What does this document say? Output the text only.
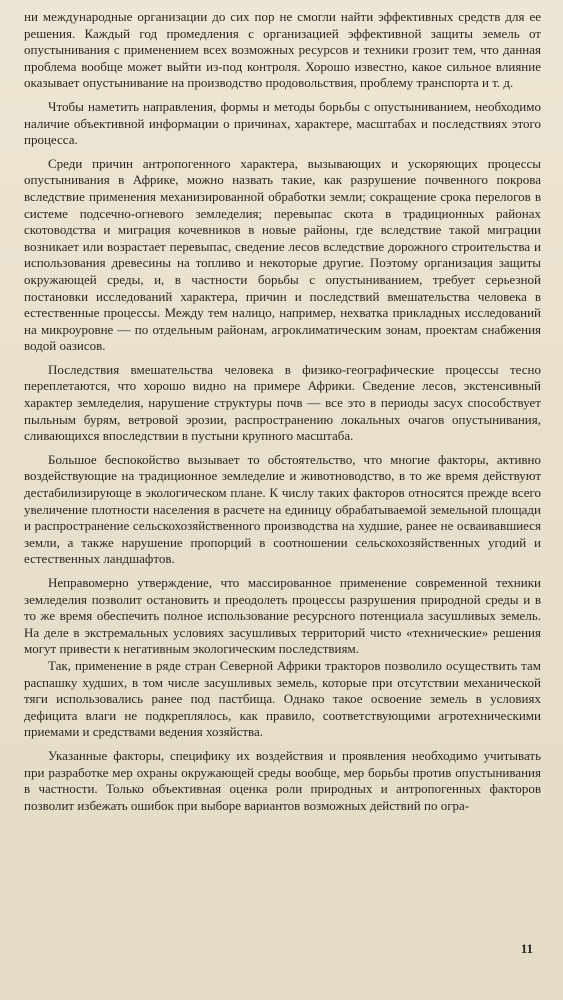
ни международные организации до сих пор не смогли найти эффективных средств для ее решения. Каждый год промедления с организацией эффективной защиты земель от опустынивания с применением всех возможных ресурсов и техники грозит тем, что данная проблема вообще может выйти из-под контроля. Хорошо известно, какое сильное влияние оказывает опустынивание на производство продовольствия, проблему транспорта и т. д.

Чтобы наметить направления, формы и методы борьбы с опустыниванием, необходимо наличие объективной информации о причинах, характере, масштабах и последствиях этого процесса.

Среди причин антропогенного характера, вызывающих и ускоряющих процессы опустынивания в Африке, можно назвать такие, как разрушение почвенного покрова вследствие применения механизированной обработки земли; сокращение срока перелогов в системе подсечно-огневого земледелия; перевыпас скота в традиционных районах скотоводства и миграция кочевников в новые районы, где вследствие такой миграции возникает или возрастает перевыпас, сведение лесов вследствие дорожного строительства и использования древесины на топливо и некоторые другие. Поэтому организация защиты окружающей среды, и, в частности борьбы с опустыниванием, требует серьезной постановки исследований характера, причин и последствий вмешательства человека в естественные процессы. Между тем налицо, например, нехватка прикладных исследований на микроуровне — по отдельным районам, агроклиматическим зонам, проектам снабжения водой оазисов.

Последствия вмешательства человека в физико-географические процессы тесно переплетаются, что хорошо видно на примере Африки. Сведение лесов, экстенсивный характер земледелия, нарушение структуры почв — все это в периоды засух способствует пыльным бурям, ветровой эрозии, распространению локальных очагов опустынивания, сливающихся впоследствии в пустыни крупного масштаба.

Большое беспокойство вызывает то обстоятельство, что многие факторы, активно воздействующие на традиционное земледелие и животноводство, в то же время действуют дестабилизирующе в экологическом плане. К числу таких факторов относятся прежде всего увеличение плотности населения в расчете на единицу обрабатываемой земельной площади и распространение сельскохозяйственного производства на худшие, ранее не осваивавшиеся земли, а также нарушение пропорций в соотношении сельскохозяйственных угодий и естественных ландшафтов.

Неправомерно утверждение, что массированное применение современной техники земледелия позволит остановить и преодолеть процессы разрушения природной среды и в то же время обеспечить полное использование ресурсного потенциала засушливых земель. На деле в экстремальных условиях засушливых территорий чисто «технические» решения могут привести к негативным экологическим последствиям.

Так, применение в ряде стран Северной Африки тракторов позволило осуществить там распашку худших, в том числе засушливых земель, которые при отсутствии механической тяги использовались ранее под пастбища. Однако такое освоение земель в условиях дефицита влаги не подкреплялось, как правило, соответствующими агротехническими приемами и средствами ведения хозяйства.

Указанные факторы, специфику их воздействия и проявления необходимо учитывать при разработке мер охраны окружающей среды вообще, мер борьбы против опустынивания в частности. Только объективная оценка роли природных и антропогенных факторов позволит избежать ошибок при выборе вариантов возможных действий по огра-

11
